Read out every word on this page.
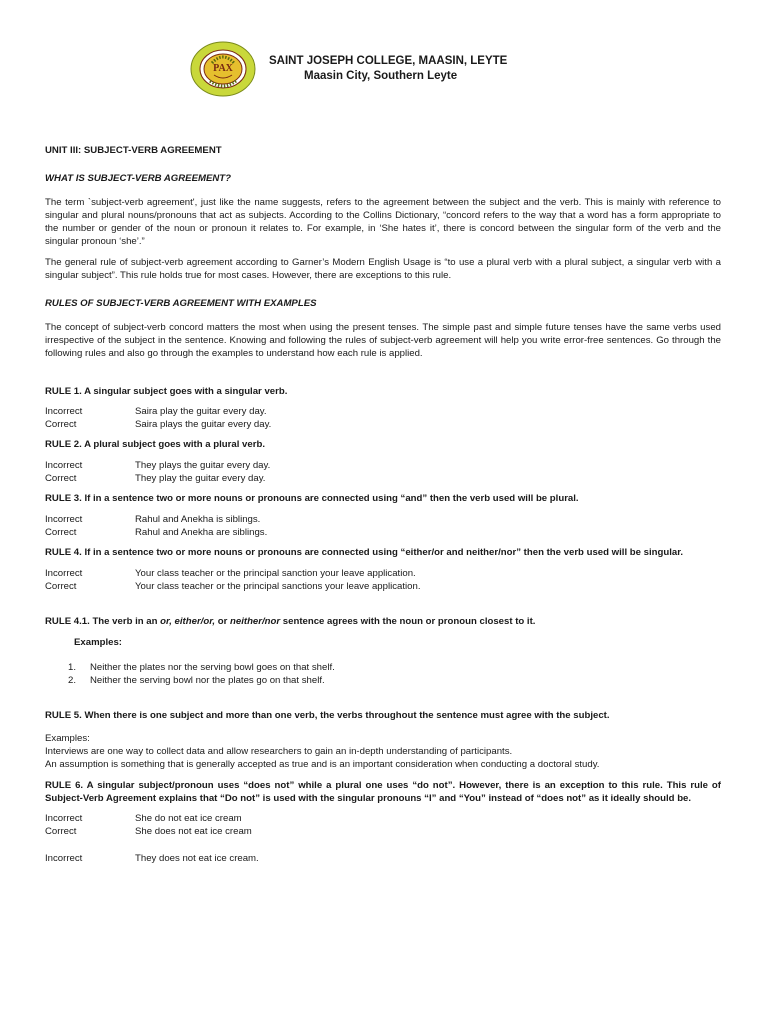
PAX
SAINT JOSEPH COLLEGE, MAASIN, LEYTE
Maasin City, Southern Leyte

UNIT III: SUBJECT-VERB AGREEMENT

WHAT IS SUBJECT-VERB AGREEMENT?

The term `subject-verb agreement', just like the name suggests, refers to the agreement between the subject and the verb. This is mainly with reference to singular and plural nouns/pronouns that act as subjects. According to the Collins Dictionary, “concord refers to the way that a word has a form appropriate to the number or gender of the noun or pronoun it relates to. For example, in ‘She hates it’, there is concord between the singular form of the verb and the singular pronoun ‘she’.”

The general rule of subject-verb agreement according to Garner’s Modern English Usage is “to use a plural verb with a plural subject, a singular verb with a singular subject”. This rule holds true for most cases. However, there are exceptions to this rule.

RULES OF SUBJECT-VERB AGREEMENT WITH EXAMPLES

The concept of subject-verb concord matters the most when using the present tenses. The simple past and simple future tenses have the same verbs used irrespective of the subject in the sentence. Knowing and following the rules of subject-verb agreement will help you write error-free sentences. Go through the following rules and also go through the examples to understand how each rule is applied.

RULE 1. A singular subject goes with a singular verb.

Incorrect	Saira play the guitar every day.
Correct	Saira plays the guitar every day.

RULE 2. A plural subject goes with a plural verb.

Incorrect	They plays the guitar every day.
Correct	They play the guitar every day.

RULE 3. If in a sentence two or more nouns or pronouns are connected using “and” then the verb used will be plural.

Incorrect	Rahul and Anekha is siblings.
Correct	Rahul and Anekha are siblings.

RULE 4. If in a sentence two or more nouns or pronouns are connected using “either/or and neither/nor” then the verb used will be singular.

Incorrect	Your class teacher or the principal sanction your leave application.
Correct	Your class teacher or the principal sanctions your leave application.

RULE 4.1. The verb in an or, either/or, or neither/nor sentence agrees with the noun or pronoun closest to it.

Examples:

1.	Neither the plates nor the serving bowl goes on that shelf.
2.	Neither the serving bowl nor the plates go on that shelf.

RULE 5. When there is one subject and more than one verb, the verbs throughout the sentence must agree with the subject.

Examples:

Interviews are one way to collect data and allow researchers to gain an in-depth understanding of participants.

An assumption is something that is generally accepted as true and is an important consideration when conducting a doctoral study.

RULE 6. A singular subject/pronoun uses “does not” while a plural one uses “do not”. However, there is an exception to this rule. This rule of Subject-Verb Agreement explains that “Do not” is used with the singular pronouns “I” and “You” instead of “does not” as it ideally should be.

Incorrect	She do not eat ice cream
Correct	She does not eat ice cream
Incorrect	They does not eat ice cream.
